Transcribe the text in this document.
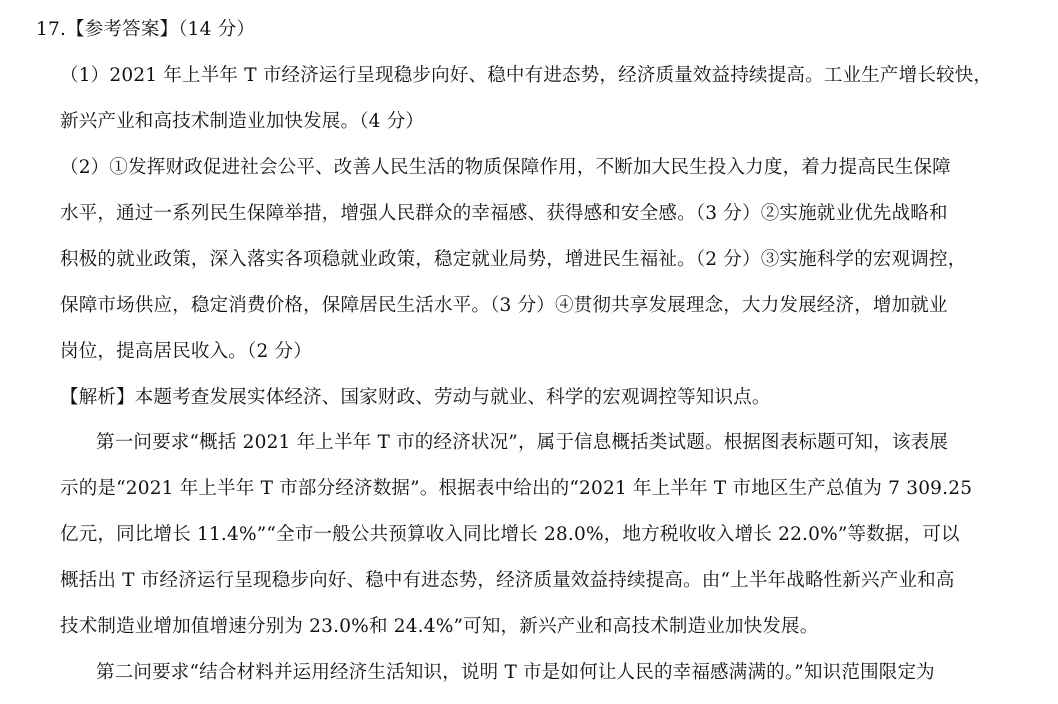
17.【参考答案】（14 分）
（1）2021 年上半年 T 市经济运行呈现稳步向好、稳中有进态势，经济质量效益持续提高。工业生产增长较快，
新兴产业和高技术制造业加快发展。（4 分）
（2）①发挥财政促进社会公平、改善人民生活的物质保障作用，不断加大民生投入力度，着力提高民生保障
水平，通过一系列民生保障举措，增强人民群众的幸福感、获得感和安全感。（3 分）②实施就业优先战略和
积极的就业政策，深入落实各项稳就业政策，稳定就业局势，增进民生福祉。（2 分）③实施科学的宏观调控，
保障市场供应，稳定消费价格，保障居民生活水平。（3 分）④贯彻共享发展理念，大力发展经济，增加就业
岗位，提高居民收入。（2 分）
【解析】本题考查发展实体经济、国家财政、劳动与就业、科学的宏观调控等知识点。
第一问要求“概括 2021 年上半年 T 市的经济状况”，属于信息概括类试题。根据图表标题可知，该表展
示的是“2021 年上半年 T 市部分经济数据”。根据表中给出的“2021 年上半年 T 市地区生产总值为 7 309.25
亿元，同比增长 11.4%”“全市一般公共预算收入同比增长 28.0%，地方税收收入增长 22.0%”等数据，可以
概括出 T 市经济运行呈现稳步向好、稳中有进态势，经济质量效益持续提高。由“上半年战略性新兴产业和高
技术制造业增加值增速分别为 23.0%和 24.4%”可知，新兴产业和高技术制造业加快发展。
第二问要求“结合材料并运用经济生活知识，说明 T 市是如何让人民的幸福感满满的。”知识范围限定为
